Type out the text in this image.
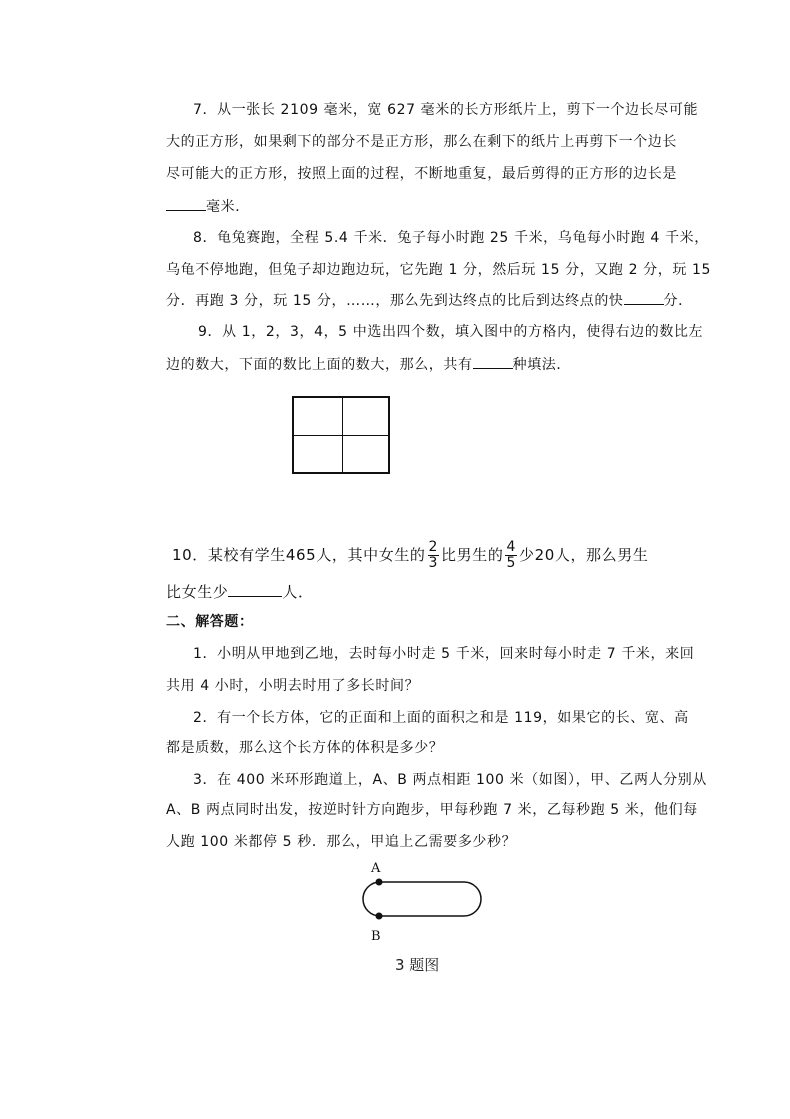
7．从一张长 2109 毫米，宽 627 毫米的长方形纸片上，剪下一个边长尽可能
大的正方形，如果剩下的部分不是正方形，那么在剩下的纸片上再剪下一个边长
尽可能大的正方形，按照上面的过程，不断地重复，最后剪得的正方形的边长是
毫米．
8．龟兔赛跑，全程 5.4 千米．兔子每小时跑 25 千米，乌龟每小时跑 4 千米，
乌龟不停地跑，但兔子却边跑边玩，它先跑 1 分，然后玩 15 分，又跑 2 分，玩 15
分．再跑 3 分，玩 15 分，……，那么先到达终点的比后到达终点的快	分．
9．从 1，2，3，4，5 中选出四个数，填入图中的方格内，使得右边的数比左
边的数大，下面的数比上面的数大，那么，共有	种填法．
10．某校有学生465人，其中女生的 $\frac{2}{3}$ 比男生的 $\frac{4}{5}$ 少20人，那么男生
比女生少	人．
二、解答题：
1．小明从甲地到乙地，去时每小时走 5 千米，回来时每小时走 7 千米，来回
共用 4 小时，小明去时用了多长时间？
2．有一个长方体，它的正面和上面的面积之和是 119，如果它的长、宽、高
都是质数，那么这个长方体的体积是多少？
3．在 400 米环形跑道上，A、B 两点相距 100 米（如图），甲、乙两人分别从
A、B 两点同时出发，按逆时针方向跑步，甲每秒跑 7 米，乙每秒跑 5 米，他们每
人跑 100 米都停 5 秒．那么，甲追上乙需要多少秒？
A
B
3 题图
